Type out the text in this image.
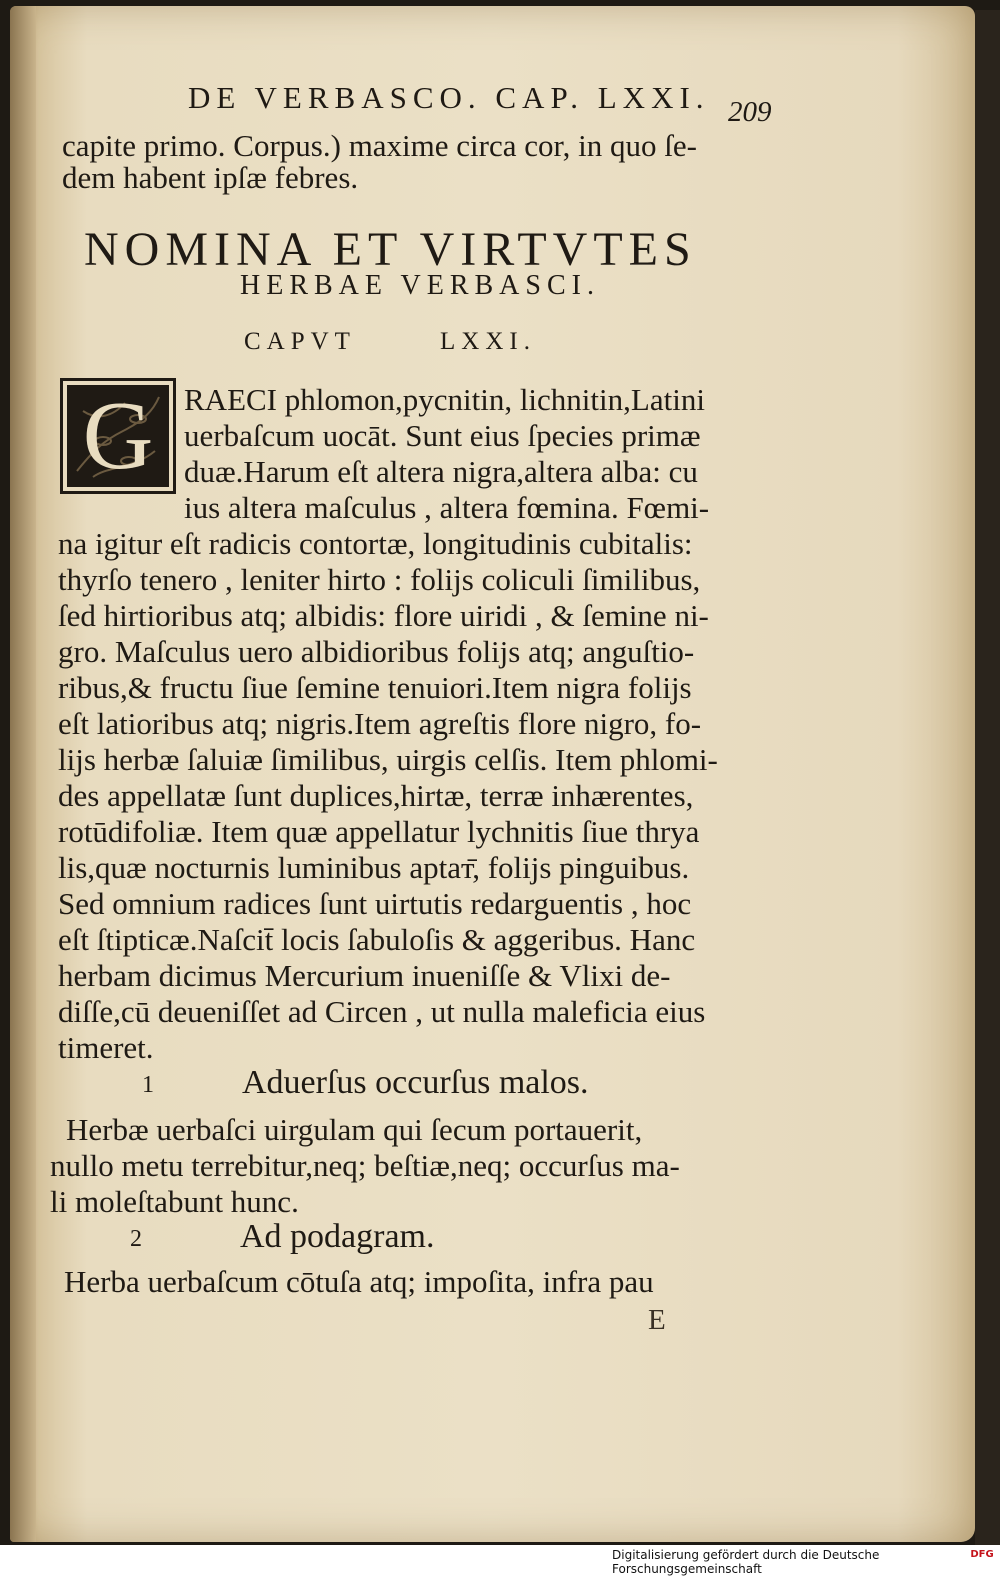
DE VERBASCO. CAP. LXXI. 209
capite primo. Corpus.) maxime circa cor, in quo ſe-
dem habent ipſæ febres.
NOMINA ET VIRTVTES
HERBAE VERBASCI.
CAPVT	LXXI.
G RAECI phlomon,pycnitin, lichnitin,Latini
uerbaſcum uocāt. Sunt eius ſpecies primæ
duæ.Harum eſt altera nigra,altera alba: cu
ius altera maſculus , altera fœmina. Fœmi-
na igitur eſt radicis contortæ, longitudinis cubitalis:
thyrſo tenero , leniter hirto : folijs coliculi ſimilibus,
ſed hirtioribus atq; albidis: flore uiridi , & ſemine ni-
gro. Maſculus uero albidioribus folijs atq; anguſtio-
ribus,& fructu ſiue ſemine tenuiori.Item nigra folijs
eſt latioribus atq; nigris.Item agreſtis flore nigro, fo-
lijs herbæ ſaluiæ ſimilibus, uirgis celſis. Item phlomi-
des appellatæ ſunt duplices,hirtæ, terræ inhærentes,
rotūdifoliæ. Item quæ appellatur lychnitis ſiue thrya
lis,quæ nocturnis luminibus aptaт̄, folijs pinguibus.
Sed omnium radices ſunt uirtutis redarguentis , hoc
eſt ſtipticæ.Naſcit̄ locis ſabuloſis & aggeribus. Hanc
herbam dicimus Mercurium inueniſſe & Vlixi de-
diſſe,cū deueniſſet ad Circen , ut nulla maleficia eius
timeret.
1	Aduerſus occurſus malos.
Herbæ uerbaſci uirgulam qui ſecum portauerit,
nullo metu terrebitur,neq; beſtiæ,neq; occurſus ma-
li moleſtabunt hunc.
2	Ad podagram.
Herba uerbaſcum cōtuſa atq; impoſita, infra pau
E
Digitalisierung gefördert durch die Deutsche Forschungsgemeinschaft
DFG
